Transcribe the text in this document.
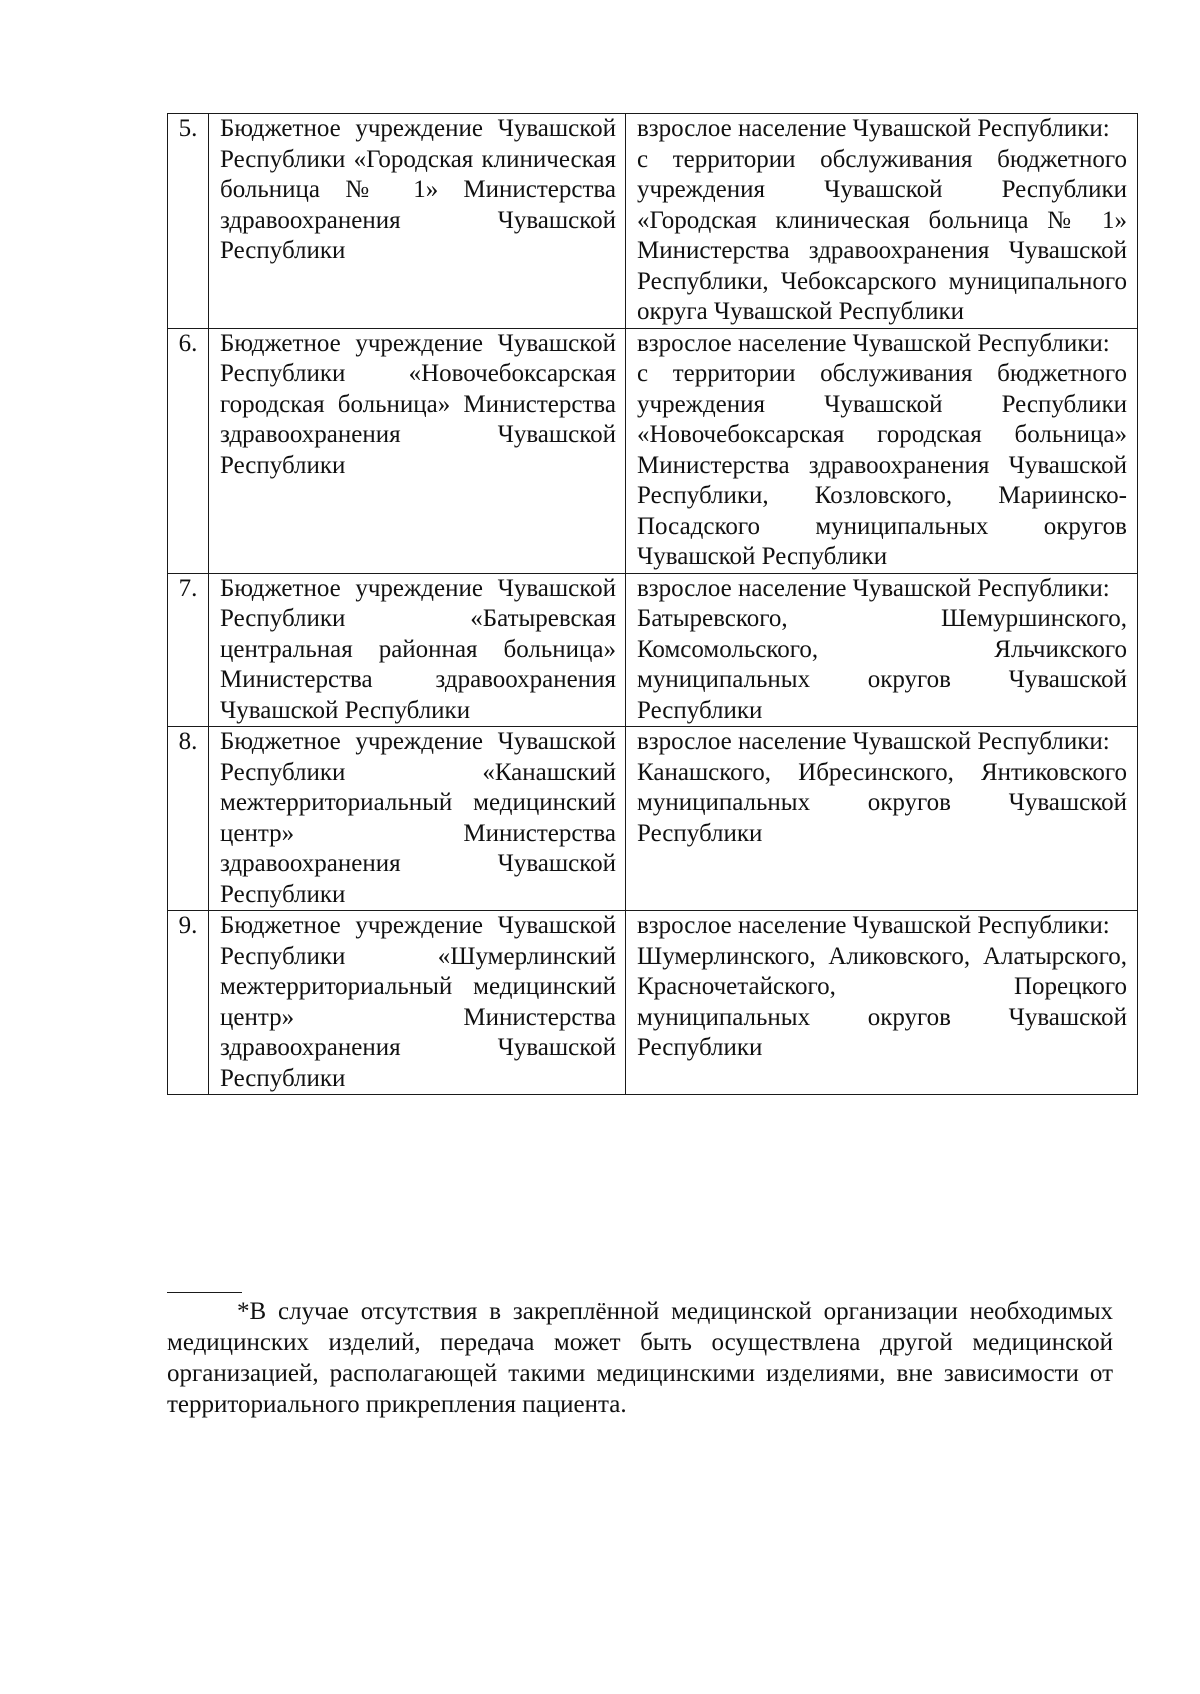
5.	Бюджетное учреждение Чувашской Республики «Городская клиническая больница № 1» Министерства здравоохранения Чувашской Республики	взрослое население Чувашской Республики:
с территории обслуживания бюджетного учреждения Чувашской Республики «Городская клиническая больница № 1» Министерства здравоохранения Чувашской Республики, Чебоксарского муниципального округа Чувашской Республики

6.	Бюджетное учреждение Чувашской Республики «Новочебоксарская городская больница» Министерства здравоохранения Чувашской Республики	взрослое население Чувашской Республики:
с территории обслуживания бюджетного учреждения Чувашской Республики «Новочебоксарская городская больница» Министерства здравоохранения Чувашской Республики, Козловского, Мариинско-Посадского муниципальных округов Чувашской Республики

7.	Бюджетное учреждение Чувашской Республики «Батыревская центральная районная больница» Министерства здравоохранения Чувашской Республики	взрослое население Чувашской Республики:
Батыревского, Шемуршинского, Комсомольского, Яльчикского муниципальных округов Чувашской Республики

8.	Бюджетное учреждение Чувашской Республики «Канашский межтерриториальный медицинский центр» Министерства здравоохранения Чувашской Республики	взрослое население Чувашской Республики:
Канашского, Ибресинского, Янтиковского муниципальных округов Чувашской Республики

9.	Бюджетное учреждение Чувашской Республики «Шумерлинский межтерриториальный медицинский центр» Министерства здравоохранения Чувашской Республики	взрослое население Чувашской Республики:
Шумерлинского, Аликовского, Алатырского, Красночетайского, Порецкого муниципальных округов Чувашской Республики
*В случае отсутствия в закреплённой медицинской организации необходимых медицинских изделий, передача может быть осуществлена другой медицинской организацией, располагающей такими медицинскими изделиями, вне зависимости от территориального прикрепления пациента.
